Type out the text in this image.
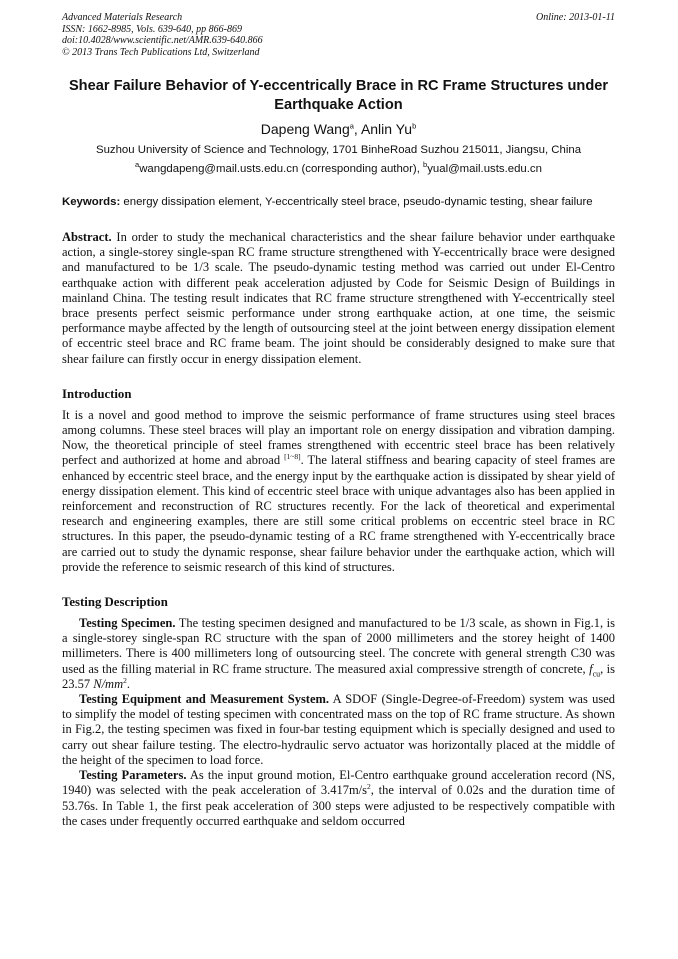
Advanced Materials Research
ISSN: 1662-8985, Vols. 639-640, pp 866-869
doi:10.4028/www.scientific.net/AMR.639-640.866
© 2013 Trans Tech Publications Ltd, Switzerland
Online: 2013-01-11
Shear Failure Behavior of Y-eccentrically Brace in RC Frame Structures under Earthquake Action
Dapeng Wang$^a$, Anlin Yu$^b$
Suzhou University of Science and Technology, 1701 BinheRoad Suzhou 215011, Jiangsu, China
$^a$wangdapeng@mail.usts.edu.cn (corresponding author), $^b$yual@mail.usts.edu.cn
Keywords: energy dissipation element, Y-eccentrically steel brace, pseudo-dynamic testing, shear failure

Abstract. In order to study the mechanical characteristics and the shear failure behavior under earthquake action, a single-storey single-span RC frame structure strengthened with Y-eccentrically brace were designed and manufactured to be 1/3 scale. The pseudo-dynamic testing method was carried out under El-Centro earthquake action with different peak acceleration adjusted by Code for Seismic Design of Buildings in mainland China. The testing result indicates that RC frame structure strengthened with Y-eccentrically steel brace presents perfect seismic performance under strong earthquake action, at one time, the seismic performance maybe affected by the length of outsourcing steel at the joint between energy dissipation element of eccentric steel brace and RC frame beam. The joint should be considerably designed to make sure that shear failure can firstly occur in energy dissipation element.

Introduction

It is a novel and good method to improve the seismic performance of frame structures using steel braces among columns. These steel braces will play an important role on energy dissipation and vibration damping. Now, the theoretical principle of steel frames strengthened with eccentric steel brace has been relatively perfect and authorized at home and abroad [1~8]. The lateral stiffness and bearing capacity of steel frames are enhanced by eccentric steel brace, and the energy input by the earthquake action is dissipated by shear yield of energy dissipation element. This kind of eccentric steel brace with unique advantages also has been applied in reinforcement and reconstruction of RC structures recently. For the lack of theoretical and experimental research and engineering examples, there are still some critical problems on eccentric steel brace in RC structures. In this paper, the pseudo-dynamic testing of a RC frame strengthened with Y-eccentrically brace are carried out to study the dynamic response, shear failure behavior under the earthquake action, which will provide the reference to seismic research of this kind of structures.

Testing Description

Testing Specimen. The testing specimen designed and manufactured to be 1/3 scale, as shown in Fig.1, is a single-storey single-span RC structure with the span of 2000 millimeters and the storey height of 1400 millimeters. There is 400 millimeters long of outsourcing steel. The concrete with general strength C30 was used as the filling material in RC frame structure. The measured axial compressive strength of concrete, $f_{cu}$, is 23.57 $N/mm^2$.

Testing Equipment and Measurement System. A SDOF (Single-Degree-of-Freedom) system was used to simplify the model of testing specimen with concentrated mass on the top of RC frame structure. As shown in Fig.2, the testing specimen was fixed in four-bar testing equipment which is specially designed and used to carry out shear failure testing. The electro-hydraulic servo actuator was horizontally placed at the middle of the height of the specimen to load force.

Testing Parameters. As the input ground motion, El-Centro earthquake ground acceleration record (NS, 1940) was selected with the peak acceleration of $3.417m/s^2$, the interval of 0.02s and the duration time of 53.76s. In Table 1, the first peak acceleration of 300 steps were adjusted to be respectively compatible with the cases under frequently occurred earthquake and seldom occurred
